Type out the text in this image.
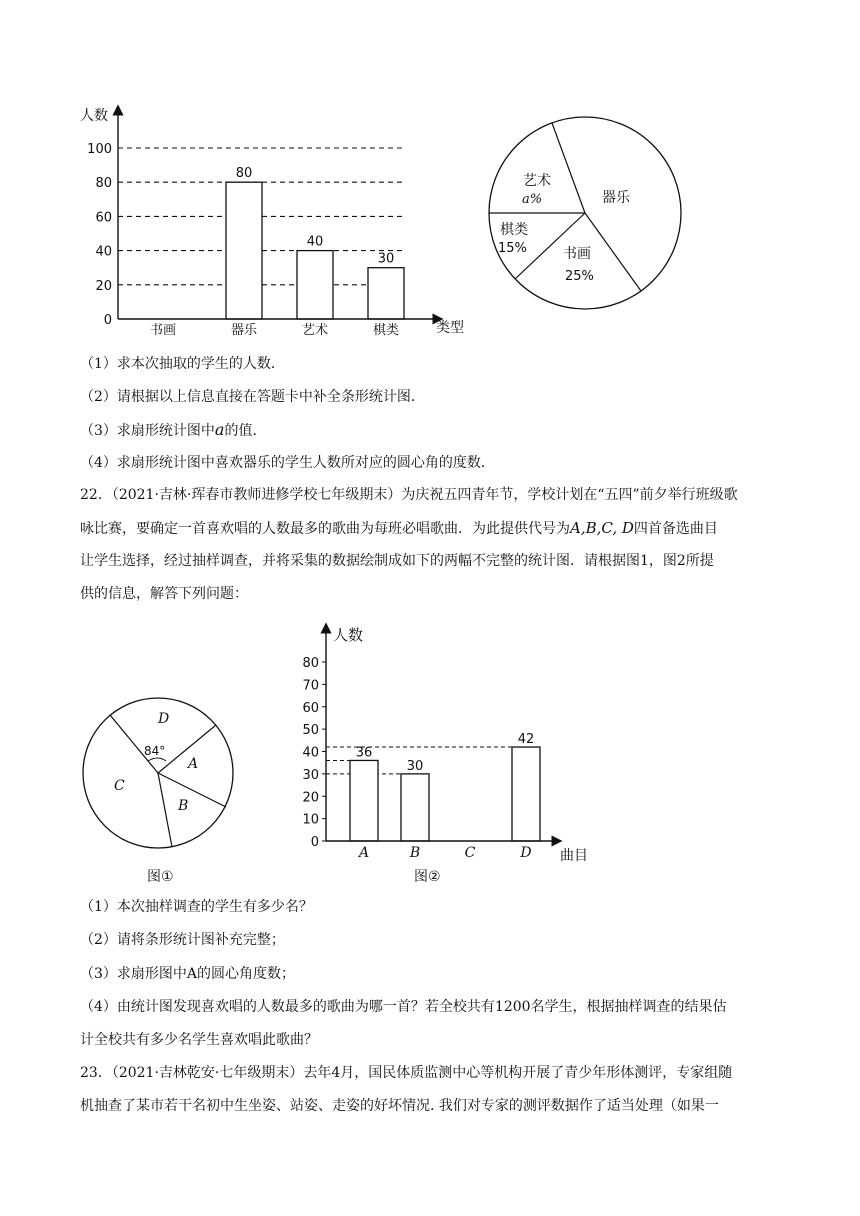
人数
类型
0
20
40
60
80
100
书画	器乐	艺术	棋类
80
40
30
器乐
艺术
a%
棋类
15%	书画
25%
（1）求本次抽取的学生的人数．
（2）请根据以上信息直接在答题卡中补全条形统计图．
（3）求扇形统计图中a的值．
（4）求扇形统计图中喜欢器乐的学生人数所对应的圆心角的度数．
22．（2021·吉林·珲春市教师进修学校七年级期末）为庆祝五四青年节，学校计划在“五四”前夕举行班级歌
咏比赛，要确定一首喜欢唱的人数最多的歌曲为每班必唱歌曲．为此提供代号为A,B,C, D四首备选曲目
让学生选择，经过抽样调查，并将采集的数据绘制成如下的两幅不完整的统计图．请根据图1，图2所提
供的信息，解答下列问题：
84°
D
A
B
C
图①
人数
曲目
0
10
20
30
40
50
60
70
80
A	B	C	D
36
30
42
图②
（1）本次抽样调查的学生有多少名？
（2）请将条形统计图补充完整；
（3）求扇形图中A的圆心角度数；
（4）由统计图发现喜欢唱的人数最多的歌曲为哪一首？若全校共有1200名学生，根据抽样调查的结果估
计全校共有多少名学生喜欢唱此歌曲？
23．（2021·吉林乾安·七年级期末）去年4月，国民体质监测中心等机构开展了青少年形体测评，专家组随
机抽查了某市若干名初中生坐姿、站姿、走姿的好坏情况. 我们对专家的测评数据作了适当处理（如果一
